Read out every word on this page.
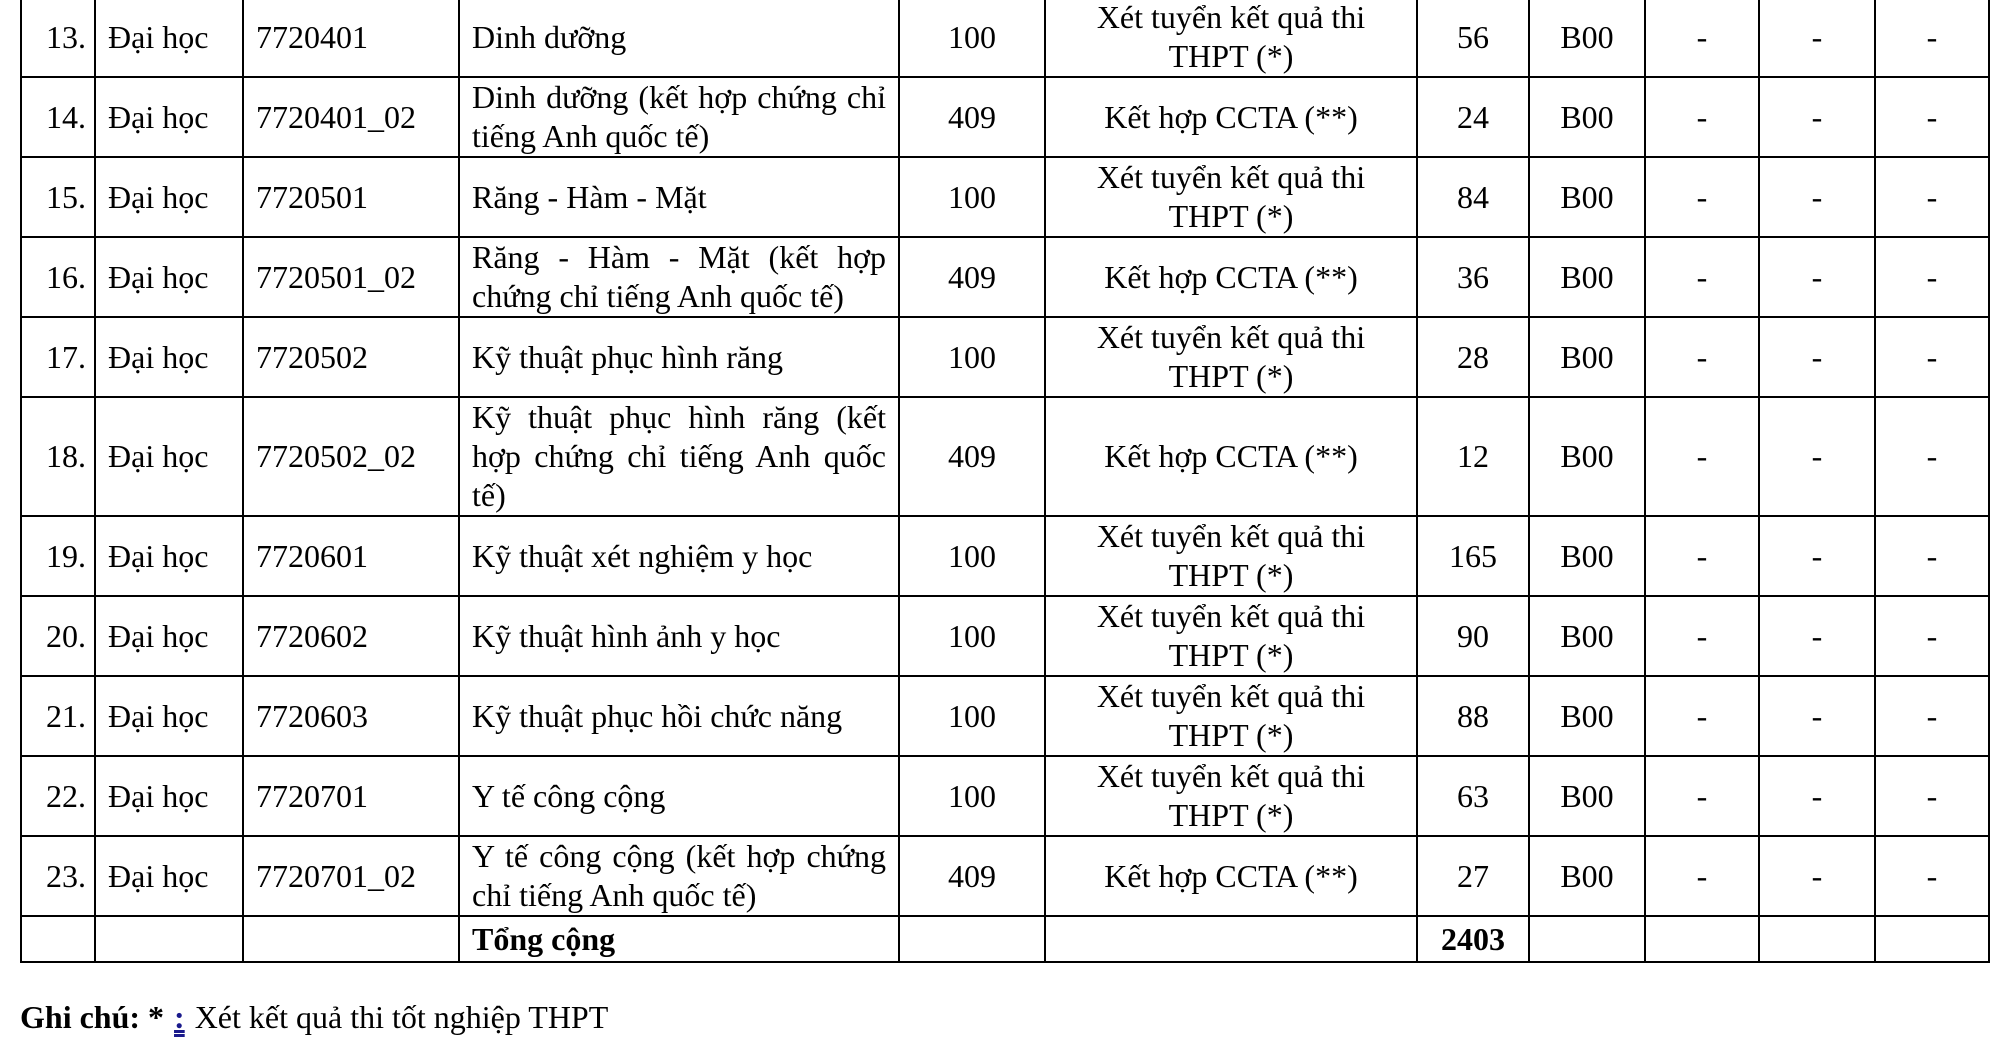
13.	Đại học	7720401	Dinh dưỡng	100	Xét tuyển kết quả thi THPT (*)	56	B00	-	-	-
14.	Đại học	7720401_02	Dinh dưỡng (kết hợp chứng chỉ tiếng Anh quốc tế)	409	Kết hợp CCTA (**)	24	B00	-	-	-
15.	Đại học	7720501	Răng - Hàm - Mặt	100	Xét tuyển kết quả thi THPT (*)	84	B00	-	-	-
16.	Đại học	7720501_02	Răng - Hàm - Mặt (kết hợp chứng chỉ tiếng Anh quốc tế)	409	Kết hợp CCTA (**)	36	B00	-	-	-
17.	Đại học	7720502	Kỹ thuật phục hình răng	100	Xét tuyển kết quả thi THPT (*)	28	B00	-	-	-
18.	Đại học	7720502_02	Kỹ thuật phục hình răng (kết hợp chứng chỉ tiếng Anh quốc tế)	409	Kết hợp CCTA (**)	12	B00	-	-	-
19.	Đại học	7720601	Kỹ thuật xét nghiệm y học	100	Xét tuyển kết quả thi THPT (*)	165	B00	-	-	-
20.	Đại học	7720602	Kỹ thuật hình ảnh y học	100	Xét tuyển kết quả thi THPT (*)	90	B00	-	-	-
21.	Đại học	7720603	Kỹ thuật phục hồi chức năng	100	Xét tuyển kết quả thi THPT (*)	88	B00	-	-	-
22.	Đại học	7720701	Y tế công cộng	100	Xét tuyển kết quả thi THPT (*)	63	B00	-	-	-
23.	Đại học	7720701_02	Y tế công cộng (kết hợp chứng chỉ tiếng Anh quốc tế)	409	Kết hợp CCTA (**)	27	B00	-	-	-
			Tổng cộng			2403				
Ghi chú: * : Xét kết quả thi tốt nghiệp THPT
